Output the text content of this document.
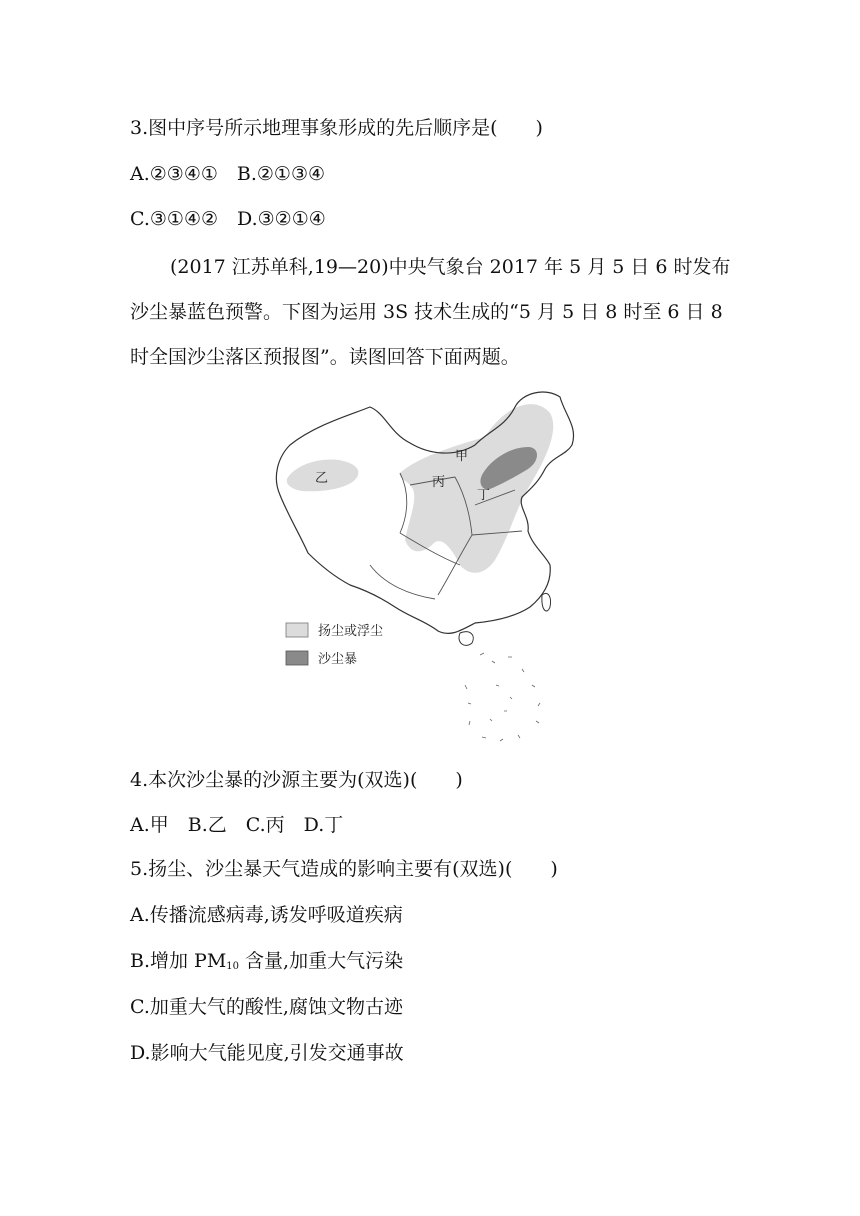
3.图中序号所示地理事象形成的先后顺序是(　　)
A.②③④①　B.②①③④
C.③①④②　D.③②①④
(2017 江苏单科,19—20)中央气象台 2017 年 5 月 5 日 6 时发布
沙尘暴蓝色预警。下图为运用 3S 技术生成的“5 月 5 日 8 时至 6 日 8
时全国沙尘落区预报图”。读图回答下面两题。
乙
甲
丙
丁
扬尘或浮尘
沙尘暴
4.本次沙尘暴的沙源主要为(双选)(　　)
A.甲　B.乙　C.丙　D.丁
5.扬尘、沙尘暴天气造成的影响主要有(双选)(　　)
A.传播流感病毒,诱发呼吸道疾病
B.增加 $PM_{10}$ 含量,加重大气污染
C.加重大气的酸性,腐蚀文物古迹
D.影响大气能见度,引发交通事故
